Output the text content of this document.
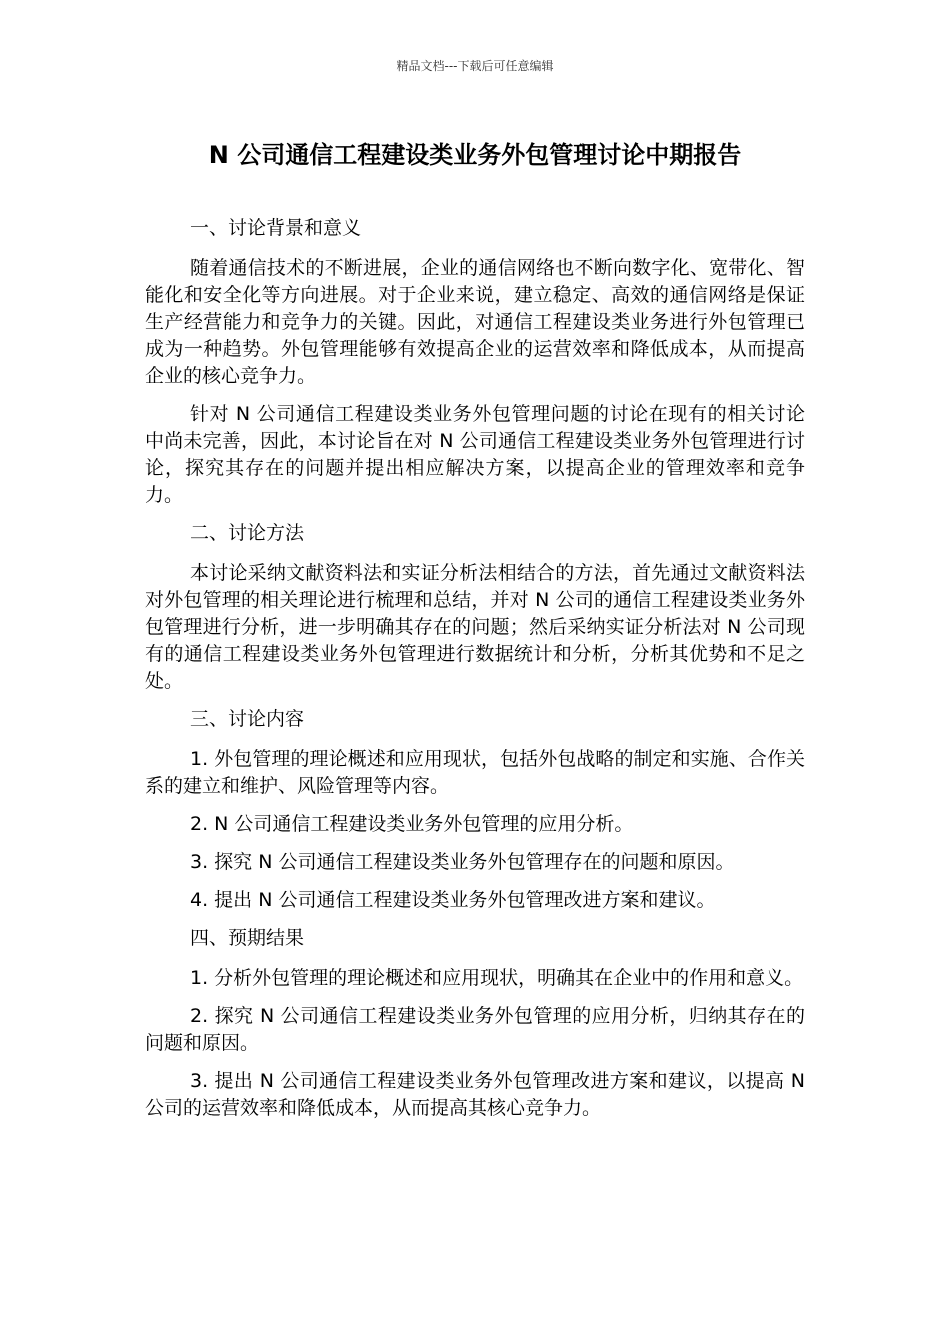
精品文档---下载后可任意编辑
N 公司通信工程建设类业务外包管理讨论中期报告

一、讨论背景和意义

随着通信技术的不断进展，企业的通信网络也不断向数字化、宽带化、智能化和安全化等方向进展。对于企业来说，建立稳定、高效的通信网络是保证生产经营能力和竞争力的关键。因此，对通信工程建设类业务进行外包管理已成为一种趋势。外包管理能够有效提高企业的运营效率和降低成本，从而提高企业的核心竞争力。

针对 N 公司通信工程建设类业务外包管理问题的讨论在现有的相关讨论中尚未完善，因此，本讨论旨在对 N 公司通信工程建设类业务外包管理进行讨论，探究其存在的问题并提出相应解决方案，以提高企业的管理效率和竞争力。

二、讨论方法

本讨论采纳文献资料法和实证分析法相结合的方法，首先通过文献资料法对外包管理的相关理论进行梳理和总结，并对 N 公司的通信工程建设类业务外包管理进行分析，进一步明确其存在的问题；然后采纳实证分析法对 N 公司现有的通信工程建设类业务外包管理进行数据统计和分析，分析其优势和不足之处。

三、讨论内容

1. 外包管理的理论概述和应用现状，包括外包战略的制定和实施、合作关系的建立和维护、风险管理等内容。

2. N 公司通信工程建设类业务外包管理的应用分析。

3. 探究 N 公司通信工程建设类业务外包管理存在的问题和原因。

4. 提出 N 公司通信工程建设类业务外包管理改进方案和建议。

四、预期结果

1. 分析外包管理的理论概述和应用现状，明确其在企业中的作用和意义。

2. 探究 N 公司通信工程建设类业务外包管理的应用分析，归纳其存在的问题和原因。

3. 提出 N 公司通信工程建设类业务外包管理改进方案和建议，以提高 N 公司的运营效率和降低成本，从而提高其核心竞争力。
